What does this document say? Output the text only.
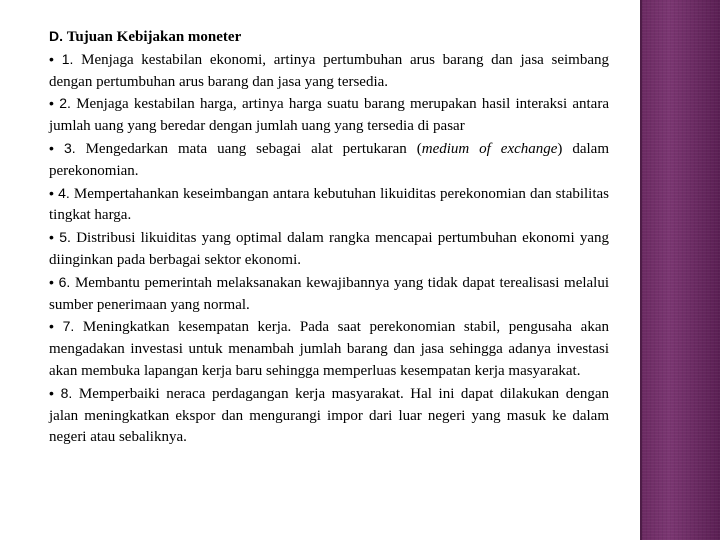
D. Tujuan Kebijakan moneter

• 1. Menjaga kestabilan ekonomi, artinya pertumbuhan arus barang dan jasa seimbang dengan pertumbuhan arus barang dan jasa yang tersedia.

• 2. Menjaga kestabilan harga, artinya harga suatu barang merupakan hasil interaksi antara jumlah uang yang beredar dengan jumlah uang yang tersedia di pasar

• 3. Mengedarkan mata uang sebagai alat pertukaran (medium of exchange) dalam perekonomian.

• 4. Mempertahankan keseimbangan antara kebutuhan likuiditas perekonomian dan stabilitas tingkat harga.

• 5. Distribusi likuiditas yang optimal dalam rangka mencapai pertumbuhan ekonomi yang diinginkan pada berbagai sektor ekonomi.

• 6. Membantu pemerintah melaksanakan kewajibannya yang tidak dapat terealisasi melalui sumber penerimaan yang normal.

• 7. Meningkatkan kesempatan kerja. Pada saat perekonomian stabil, pengusaha akan mengadakan investasi untuk menambah jumlah barang dan jasa sehingga adanya investasi akan membuka lapangan kerja baru sehingga memperluas kesempatan kerja masyarakat.

• 8. Memperbaiki neraca perdagangan kerja masyarakat. Hal ini dapat dilakukan dengan jalan meningkatkan ekspor dan mengurangi impor dari luar negeri yang masuk ke dalam negeri atau sebaliknya.
